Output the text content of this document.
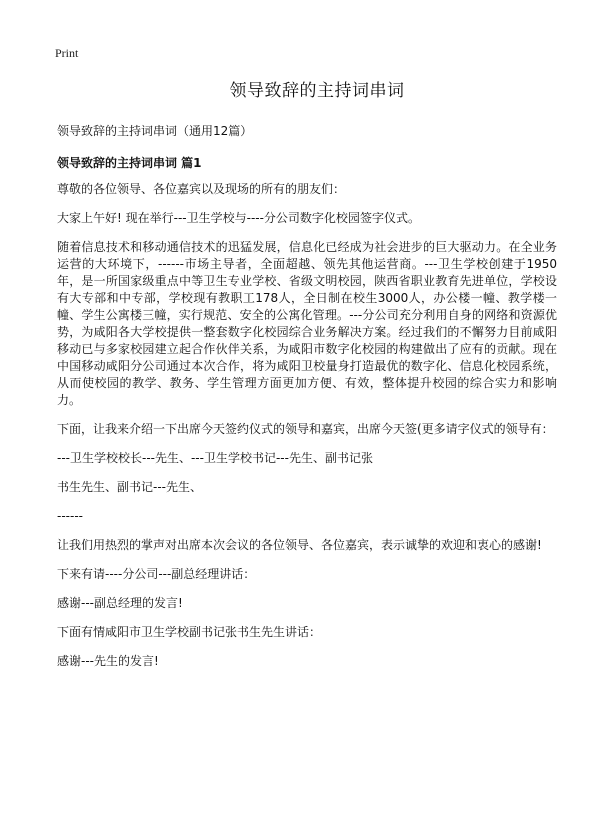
Print
领导致辞的主持词串词

领导致辞的主持词串词（通用12篇）

领导致辞的主持词串词 篇1

尊敬的各位领导、各位嘉宾以及现场的所有的朋友们：

大家上午好! 现在举行---卫生学校与----分公司数字化校园签字仪式。

随着信息技术和移动通信技术的迅猛发展，信息化已经成为社会进步的巨大驱动力。在全业务运营的大环境下，------市场主导者，全面超越、领先其他运营商。---卫生学校创建于1950年，是一所国家级重点中等卫生专业学校、省级文明校园，陕西省职业教育先进单位，学校设有大专部和中专部，学校现有教职工178人，全日制在校生3000人，办公楼一幢、教学楼一幢、学生公寓楼三幢，实行规范、安全的公寓化管理。---分公司充分利用自身的网络和资源优势，为咸阳各大学校提供一整套数字化校园综合业务解决方案。经过我们的不懈努力目前咸阳移动已与多家校园建立起合作伙伴关系，为咸阳市数字化校园的构建做出了应有的贡献。现在中国移动咸阳分公司通过本次合作，将为咸阳卫校量身打造最优的数字化、信息化校园系统，从而使校园的教学、教务、学生管理方面更加方便、有效，整体提升校园的综合实力和影响力。

下面，让我来介绍一下出席今天签约仪式的领导和嘉宾，出席今天签(更多请字仪式的领导有：

---卫生学校校长---先生、---卫生学校书记---先生、副书记张

书生先生、副书记---先生、

------

让我们用热烈的掌声对出席本次会议的各位领导、各位嘉宾，表示诚挚的欢迎和衷心的感谢!

下来有请----分公司---副总经理讲话：

感谢---副总经理的发言!

下面有情咸阳市卫生学校副书记张书生先生讲话：

感谢---先生的发言!
